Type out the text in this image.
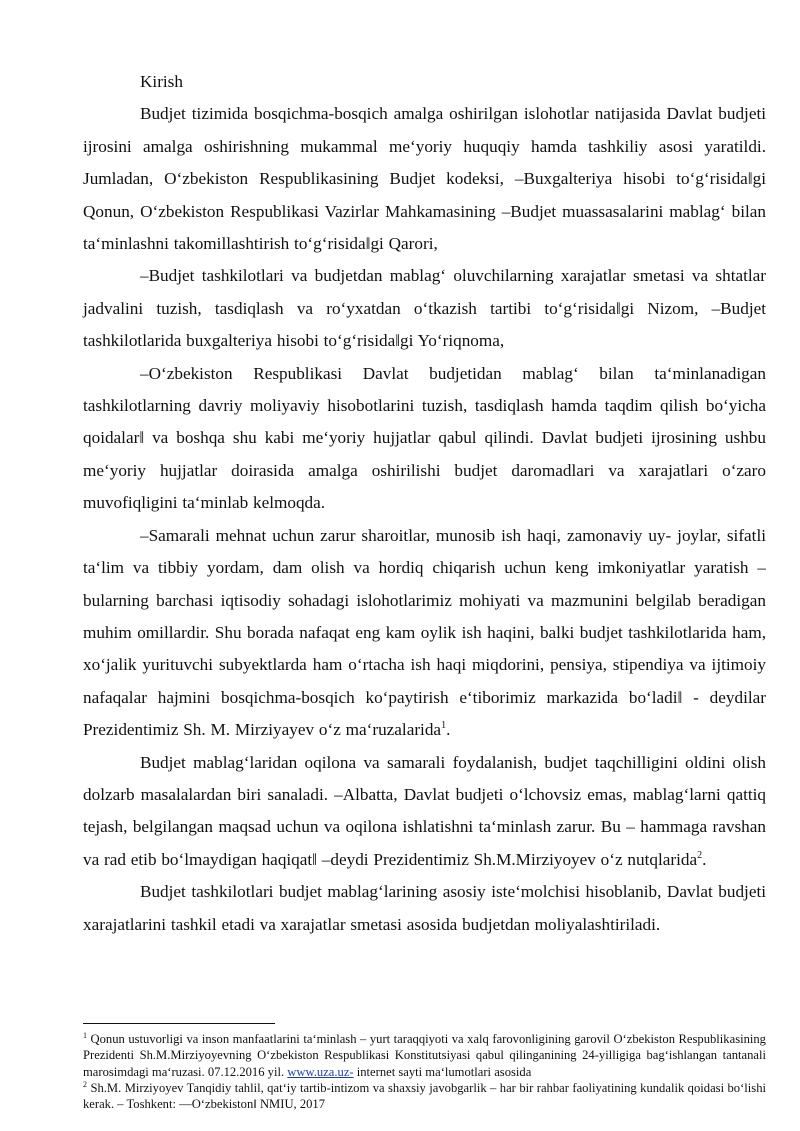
Kirish

Budjet tizimida bosqichma-bosqich amalga oshirilgan islohotlar natijasida Davlat budjeti ijrosini amalga oshirishning mukammal me‘yoriy huquqiy hamda tashkiliy asosi yaratildi. Jumladan, O‘zbekiston Respublikasining Budjet kodeksi, –Buxgalteriya hisobi to‘g‘risida‖gi Qonun, O‘zbekiston Respublikasi Vazirlar Mahkamasining –Budjet muassasalarini mablag‘ bilan ta‘minlashni takomillashtirish to‘g‘risida‖gi Qarori,

–Budjet tashkilotlari va budjetdan mablag‘ oluvchilarning xarajatlar smetasi va shtatlar jadvalini tuzish, tasdiqlash va ro‘yxatdan o‘tkazish tartibi to‘g‘risida‖gi Nizom, –Budjet tashkilotlarida buxgalteriya hisobi to‘g‘risida‖gi Yo‘riqnoma,

–O‘zbekiston Respublikasi Davlat budjetidan mablag‘ bilan ta‘minlanadigan tashkilotlarning davriy moliyaviy hisobotlarini tuzish, tasdiqlash hamda taqdim qilish bo‘yicha qoidalar‖ va boshqa shu kabi me‘yoriy hujjatlar qabul qilindi. Davlat budjeti ijrosining ushbu me‘yoriy hujjatlar doirasida amalga oshirilishi budjet daromadlari va xarajatlari o‘zaro muvofiqligini ta‘minlab kelmoqda.

–Samarali mehnat uchun zarur sharoitlar, munosib ish haqi, zamonaviy uy- joylar, sifatli ta‘lim va tibbiy yordam, dam olish va hordiq chiqarish uchun keng imkoniyatlar yaratish – bularning barchasi iqtisodiy sohadagi islohotlarimiz mohiyati va mazmunini belgilab beradigan muhim omillardir. Shu borada nafaqat eng kam oylik ish haqini, balki budjet tashkilotlarida ham, xo‘jalik yurituvchi subyektlarda ham o‘rtacha ish haqi miqdorini, pensiya, stipendiya va ijtimoiy nafaqalar hajmini bosqichma-bosqich ko‘paytirish e‘tiborimiz markazida bo‘ladi‖ - deydilar Prezidentimiz Sh. M. Mirziyayev o‘z ma‘ruzalarida$^1$.

Budjet mablag‘laridan oqilona va samarali foydalanish, budjet taqchilligini oldini olish dolzarb masalalardan biri sanaladi. –Albatta, Davlat budjeti o‘lchovsiz emas, mablag‘larni qattiq tejash, belgilangan maqsad uchun va oqilona ishlatishni ta‘minlash zarur. Bu – hammaga ravshan va rad etib bo‘lmaydigan haqiqat‖ –deydi Prezidentimiz Sh.M.Mirziyoyev o‘z nutqlarida$^2$.

Budjet tashkilotlari budjet mablag‘larining asosiy iste‘molchisi hisoblanib, Davlat budjeti xarajatlarini tashkil etadi va xarajatlar smetasi asosida budjetdan moliyalashtiriladi.

$^1$ Qonun ustuvorligi va inson manfaatlarini ta‘minlash – yurt taraqqiyoti va xalq farovonligining garovil O‘zbekiston Respublikasining Prezidenti Sh.M.Mirziyoyevning O‘zbekiston Respublikasi Konstitutsiyasi qabul qilinganining 24-yilligiga bag‘ishlangan tantanali marosimdagi ma‘ruzasi. 07.12.2016 yil. www.uza.uz- internet sayti ma‘lumotlari asosida

$^2$ Sh.M. Mirziyoyev Tanqidiy tahlil, qat‘iy tartib-intizom va shaxsiy javobgarlik – har bir rahbar faoliyatining kundalik qoidasi bo‘lishi kerak. – Toshkent: —O‘zbekiston‖ NMIU, 2017
